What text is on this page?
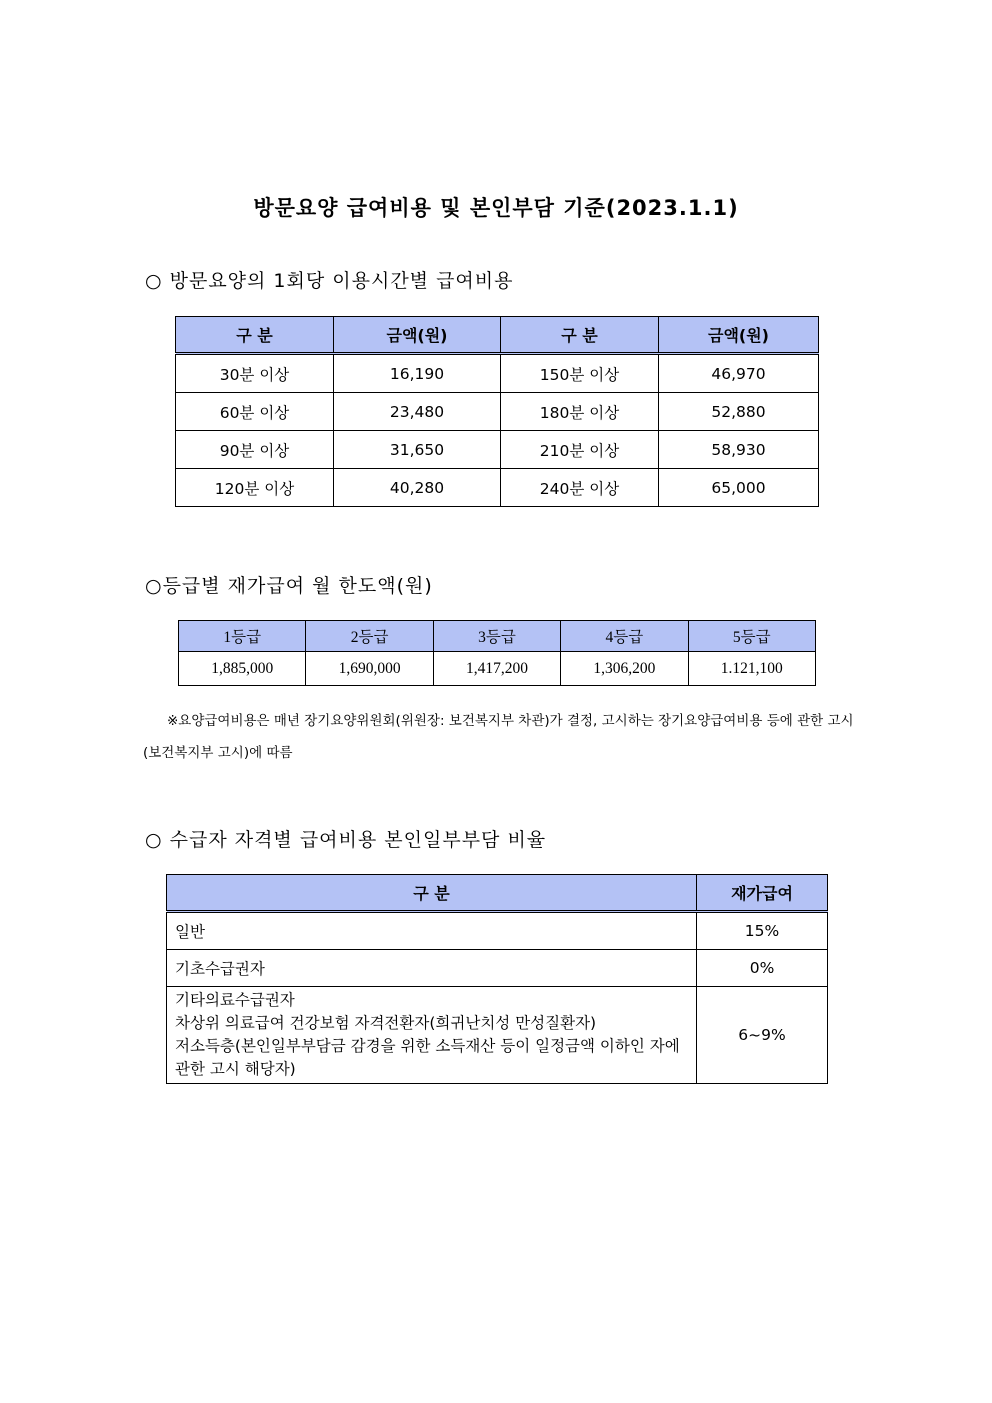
방문요양 급여비용 및 본인부담 기준(2023.1.1)
○ 방문요양의 1회당 이용시간별 급여비용
구 분	금액(원)	구 분	금액(원)
30분 이상	16,190	150분 이상	46,970
60분 이상	23,480	180분 이상	52,880
90분 이상	31,650	210분 이상	58,930
120분 이상	40,280	240분 이상	65,000
○등급별 재가급여 월 한도액(원)
1등급	2등급	3등급	4등급	5등급
1,885,000	1,690,000	1,417,200	1,306,200	1.121,100
※요양급여비용은 매년 장기요양위원회(위원장: 보건복지부 차관)가 결정, 고시하는 장기요양급여비용 등에 관한 고시(보건복지부 고시)에 따름
○ 수급자 자격별 급여비용 본인일부부담 비율
구 분	재가급여
일반	15%
기초수급권자	0%

기타의료수급권자
차상위 의료급여 건강보험 자격전환자(희귀난치성 만성질환자)
저소득층(본인일부부담금 감경을 위한 소득재산 등이 일정금액 이하인 자에 관한 고시 해당자)	6~9%
